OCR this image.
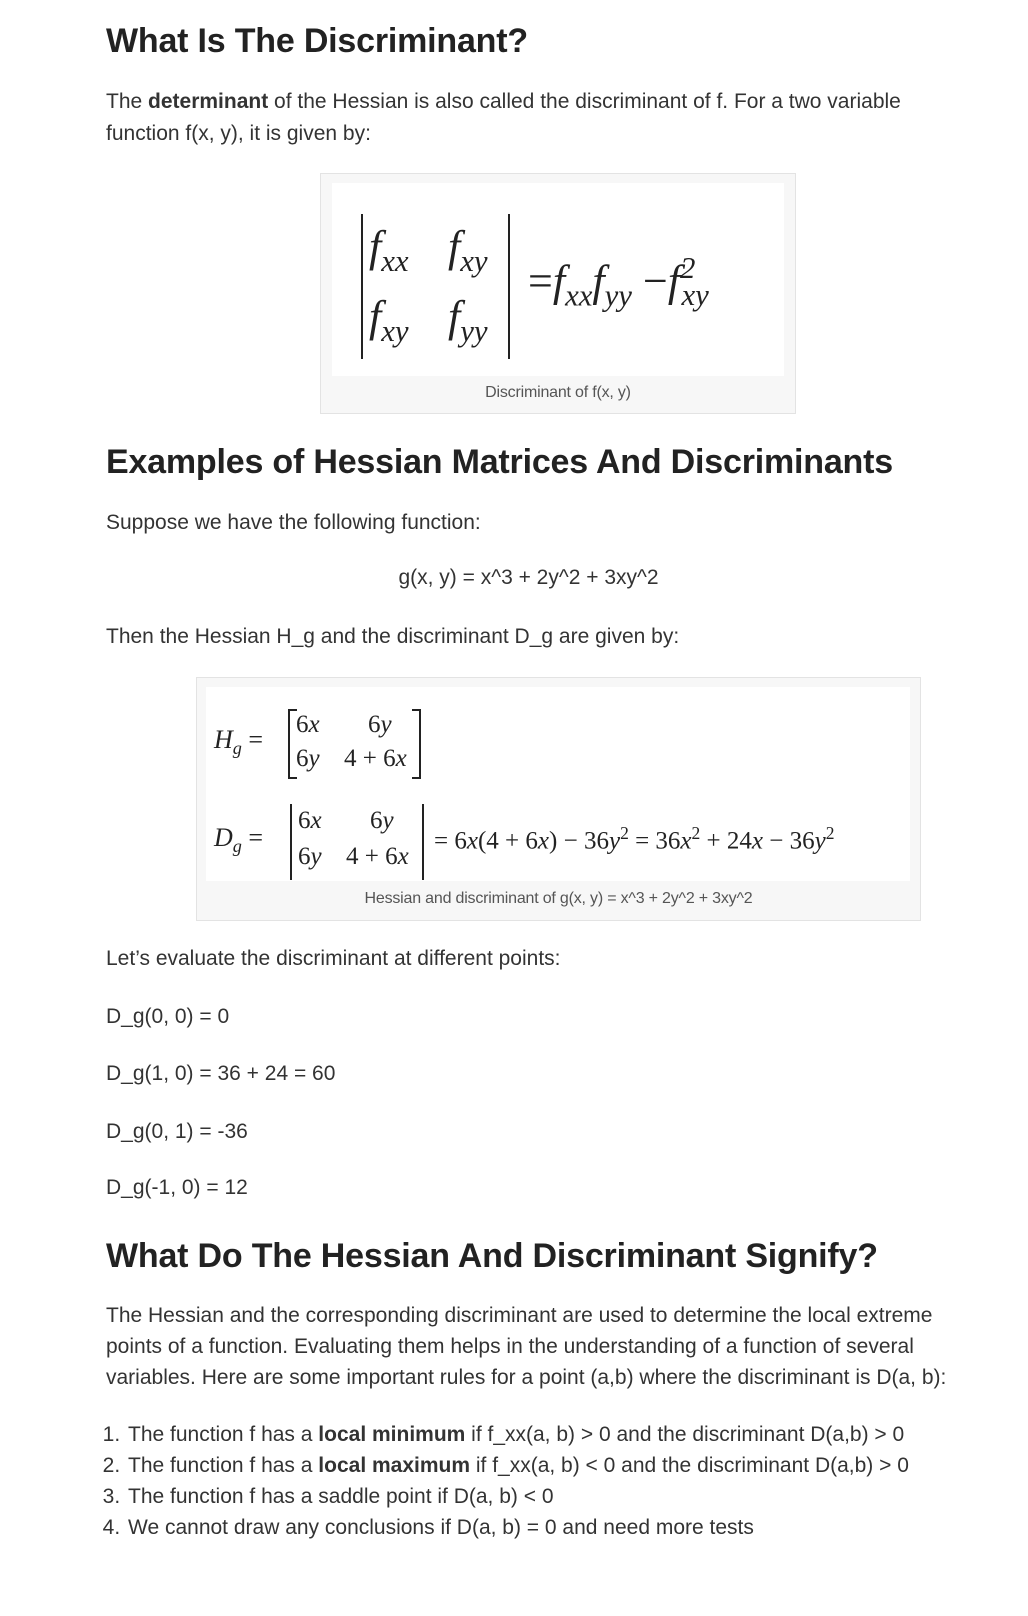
What Is The Discriminant?

The determinant of the Hessian is also called the discriminant of f. For a two variable function f(x, y), it is given by:

$f_{xx}$ $f_{xy}$
$f_{xy}$ $f_{yy}$
$=f_{xx}f_{yy} -f^2_{xy}$
Discriminant of f(x, y)
Examples of Hessian Matrices And Discriminants

Suppose we have the following function:

g(x, y) = x^3 + 2y^2 + 3xy^2

Then the Hessian H_g and the discriminant D_g are given by:

$H_g$ =
6x 6y
6y 4 + 6x
$D_g$ =
6x 6y
6y 4 + 6x
= $6x(4 + 6x) - 36y^2 = 36x^2 + 24x - 36y^2$
Hessian and discriminant of g(x, y) = x^3 + 2y^2 + 3xy^2

Let’s evaluate the discriminant at different points:

D_g(0, 0) = 0

D_g(1, 0) = 36 + 24 = 60

D_g(0, 1) = -36

D_g(-1, 0) = 12

What Do The Hessian And Discriminant Signify?

The Hessian and the corresponding discriminant are used to determine the local extreme points of a function. Evaluating them helps in the understanding of a function of several variables. Here are some important rules for a point (a,b) where the discriminant is D(a, b):

1. The function f has a local minimum if f_xx(a, b) > 0 and the discriminant D(a,b) > 0
2. The function f has a local maximum if f_xx(a, b) < 0 and the discriminant D(a,b) > 0
3. The function f has a saddle point if D(a, b) < 0
4. We cannot draw any conclusions if D(a, b) = 0 and need more tests
